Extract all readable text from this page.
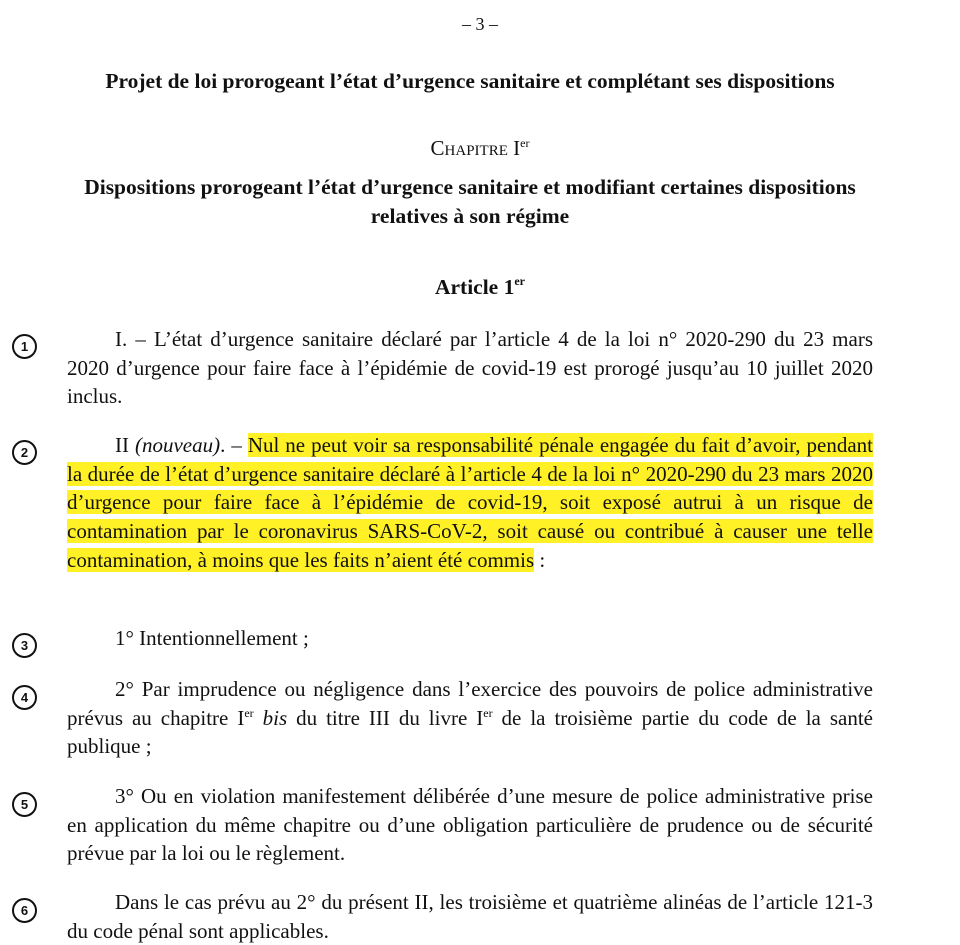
– 3 –
Projet de loi prorogeant l’état d’urgence sanitaire et complétant ses dispositions
Chapitre Ier
Dispositions prorogeant l’état d’urgence sanitaire et modifiant certaines dispositions relatives à son régime
Article 1er
1	I. – L’état d’urgence sanitaire déclaré par l’article 4 de la loi n° 2020-290 du 23 mars 2020 d’urgence pour faire face à l’épidémie de covid-19 est prorogé jusqu’au 10 juillet 2020 inclus.
2	II (nouveau). – Nul ne peut voir sa responsabilité pénale engagée du fait d’avoir, pendant la durée de l’état d’urgence sanitaire déclaré à l’article 4 de la loi n° 2020-290 du 23 mars 2020 d’urgence pour faire face à l’épidémie de covid-19, soit exposé autrui à un risque de contamination par le coronavirus SARS-CoV-2, soit causé ou contribué à causer une telle contamination, à moins que les faits n’aient été commis :
3	1° Intentionnellement ;
4	2° Par imprudence ou négligence dans l’exercice des pouvoirs de police administrative prévus au chapitre Ier bis du titre III du livre Ier de la troisième partie du code de la santé publique ;
5	3° Ou en violation manifestement délibérée d’une mesure de police administrative prise en application du même chapitre ou d’une obligation particulière de prudence ou de sécurité prévue par la loi ou le règlement.
6	Dans le cas prévu au 2° du présent II, les troisième et quatrième alinéas de l’article 121-3 du code pénal sont applicables.
